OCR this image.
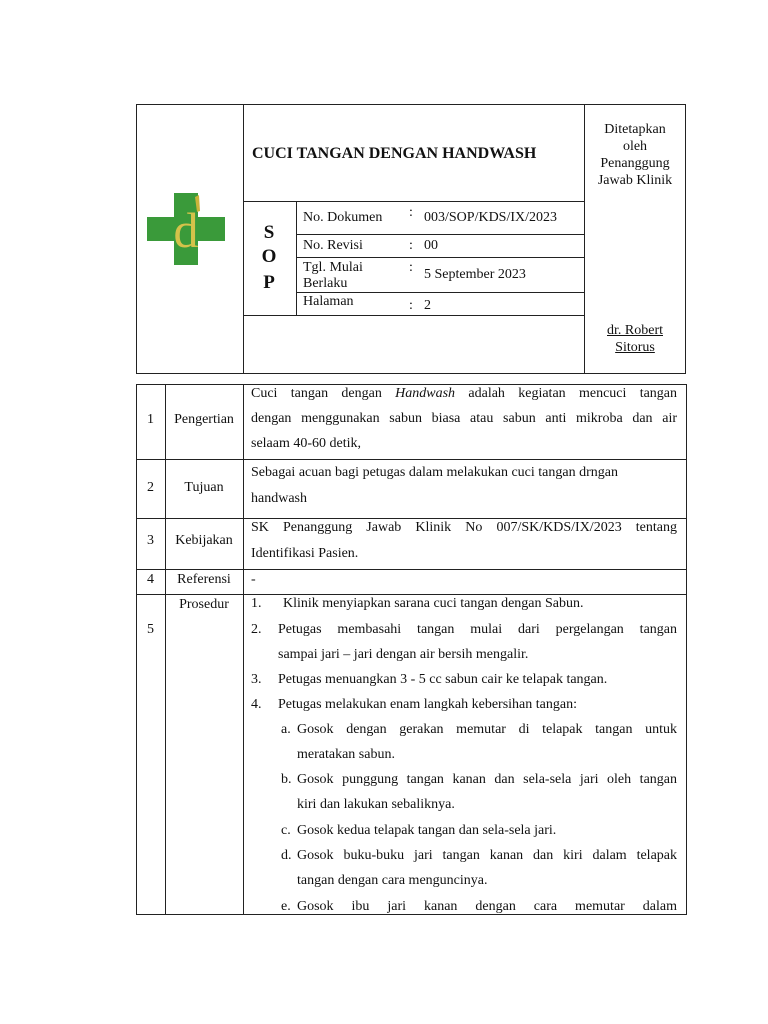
d
CUCI TANGAN DENGAN HANDWASH
S
O
P
No. Dokumen : 003/SOP/KDS/IX/2023
No. Revisi	: 00
Tgl. Mulai
Berlaku
: 5 September 2023
Halaman	: 2
Ditetapkan
oleh
Penanggung
Jawab Klinik
dr. Robert
Sitorus
1	Pengertian
Cuci tangan dengan Handwash adalah kegiatan mencuci tangan
dengan menggunakan sabun biasa atau sabun anti mikroba dan air
selaam 40-60 detik,
2	Tujuan
Sebagai acuan bagi petugas dalam melakukan cuci tangan drngan
handwash
3	Kebijakan
SK Penanggung Jawab Klinik No 007/SK/KDS/IX/2023 tentang
Identifikasi Pasien.
4	Referensi	-
5
Prosedur	1. Klinik menyiapkan sarana cuci tangan dengan Sabun.
2. Petugas membasahi tangan mulai dari pergelangan tangan
sampai jari – jari dengan air bersih mengalir.
3. Petugas menuangkan 3 - 5 cc sabun cair ke telapak tangan.
4. Petugas melakukan enam langkah kebersihan tangan:
a. Gosok dengan gerakan memutar di telapak tangan untuk
meratakan sabun.
b. Gosok punggung tangan kanan dan sela-sela jari oleh tangan
kiri dan lakukan sebaliknya.
c. Gosok kedua telapak tangan dan sela-sela jari.
d. Gosok buku-buku jari tangan kanan dan kiri dalam telapak
tangan dengan cara menguncinya.
e. Gosok ibu jari kanan dengan cara memutar dalam
